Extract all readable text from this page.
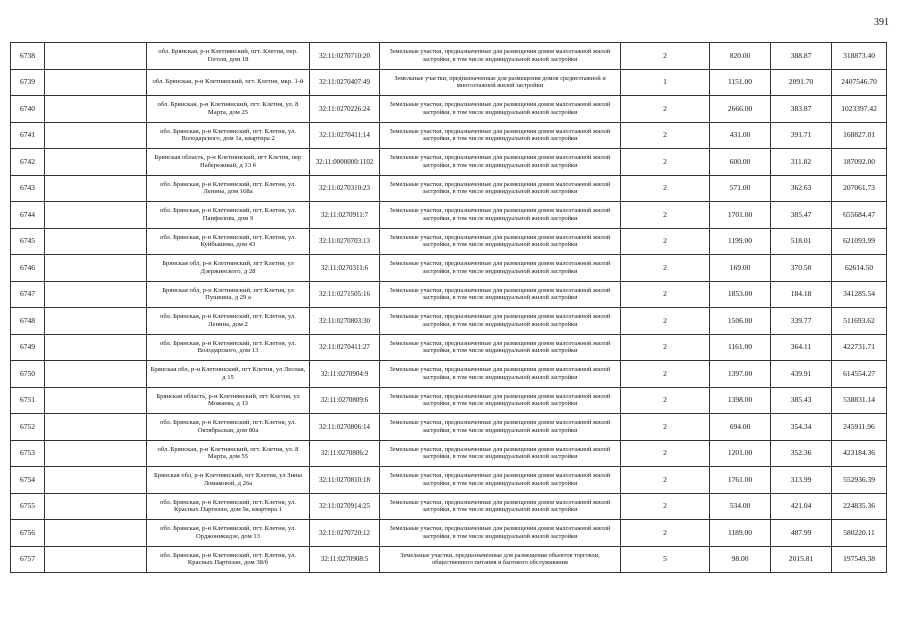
391
6738		обл. Брянская, р-н Клетнянский, пгт. Клетня, пер. Гоголя, дом 18	32:11:0270710:20	Земельные участки, предназначенные для размещения домов малоэтажной жилой застройки, в том числе индивидуальной жилой застройки	2	820.00	388.87	318873.40
6739		обл. Брянская, р-н Клетнянский, пгт. Клетня, мкр. 1-й	32:11:0270407:49	Земельные участки, предназначенные для размещения домов среднеэтажной и многоэтажной жилой застройки	1	1151.00	2091.70	2407546.70
6740		обл. Брянская, р-н Клетнянский, пгт. Клетня, ул. 8 Марта, дом 25	32:11:0270226:24	Земельные участки, предназначенные для размещения домов малоэтажной жилой застройки, в том числе индивидуальной жилой застройки	2	2666.00	383.87	1023397.42
6741		обл. Брянская, р-н Клетнянский, пгт. Клетня, ул. Володарского, дом 1а, квартира 2	32:11:0270411:14	Земельные участки, предназначенные для размещения домов малоэтажной жилой застройки, в том числе индивидуальной жилой застройки	2	431.00	391.71	168827.01
6742		Брянская область, р-н Клетнянский, пгт Клетня, пер Набережный, д 13 б	32:11:0000000:1102	Земельные участки, предназначенные для размещения домов малоэтажной жилой застройки, в том числе индивидуальной жилой застройки	2	600.00	311.82	187092.00
6743		обл. Брянская, р-н Клетнянский, пгт. Клетня, ул. Ленина, дом 168а	32:11:0270310:23	Земельные участки, предназначенные для размещения домов малоэтажной жилой застройки, в том числе индивидуальной жилой застройки	2	571.00	362.63	207061.73
6744		обл. Брянская, р-н Клетнянский, пгт. Клетня, ул. Панфилова, дом 9	32:11:0270911:7	Земельные участки, предназначенные для размещения домов малоэтажной жилой застройки, в том числе индивидуальной жилой застройки	2	1701.00	385.47	655684.47
6745		обл. Брянская, р-н Клетнянский, пгт. Клетня, ул. Куйбышева, дом 43	32:11:0270703:13	Земельные участки, предназначенные для размещения домов малоэтажной жилой застройки, в том числе индивидуальной жилой застройки	2	1199.00	518.01	621093.99
6746		Брянская обл, р-н Клетнянский, пгт Клетня, ул Дзержинского, д 28	32:11:0270311:6	Земельные участки, предназначенные для размещения домов малоэтажной жилой застройки, в том числе индивидуальной жилой застройки	2	169.00	370.50	62614.50
6747		Брянская обл, р-н Клетнянский, пгт Клетня, ул Пушкина, д 29 а	32:11:0271505:16	Земельные участки, предназначенные для размещения домов малоэтажной жилой застройки, в том числе индивидуальной жилой застройки	2	1853.00	184.18	341285.54
6748		обл. Брянская, р-н Клетнянский, пгт. Клетня, ул. Ленина, дом 2	32:11:0270803:30	Земельные участки, предназначенные для размещения домов малоэтажной жилой застройки, в том числе индивидуальной жилой застройки	2	1506.00	339.77	511693.62
6749		обл. Брянская, р-н Клетнянский, пгт. Клетня, ул. Володарского, дом 13	32:11:0270411:27	Земельные участки, предназначенные для размещения домов малоэтажной жилой застройки, в том числе индивидуальной жилой застройки	2	1161.00	364.11	422731.71
6750		Брянская обл, р-н Клетнянский, пгт Клетня, ул Лесная, д 15	32:11:0270904:9	Земельные участки, предназначенные для размещения домов малоэтажной жилой застройки, в том числе индивидуальной жилой застройки	2	1397.00	439.91	614554.27
6751		Брянская область, р-н Клетнянский, пгт Клетня, ул Можаева, д 13	32:11:0270809:6	Земельные участки, предназначенные для размещения домов малоэтажной жилой застройки, в том числе индивидуальной жилой застройки	2	1398.00	385.43	538831.14
6752		обл. Брянская, р-н Клетнянский, пгт. Клетня, ул. Октябрьская, дом 80а	32:11:0270806:14	Земельные участки, предназначенные для размещения домов малоэтажной жилой застройки, в том числе индивидуальной жилой застройки	2	694.00	354.34	245911.96
6753		обл. Брянская, р-н Клетнянский, пгт. Клетня, ул. 8 Марта, дом 55	32:11:0270806:2	Земельные участки, предназначенные для размещения домов малоэтажной жилой застройки, в том числе индивидуальной жилой застройки	2	1201.00	352.36	423184.36
6754		Брянская обл, р-н Клетнянский, пгт Клетня, ул Зины Ломаковой, д 26а	32:11:0270810:18	Земельные участки, предназначенные для размещения домов малоэтажной жилой застройки, в том числе индивидуальной жилой застройки	2	1761.00	313.99	552936.39
6755		обл. Брянская, р-н Клетнянский, пгт. Клетня, ул. Красных Партизан, дом 9а, квартира 1	32:11:0270914:25	Земельные участки, предназначенные для размещения домов малоэтажной жилой застройки, в том числе индивидуальной жилой застройки	2	534.00	421.04	224835.36
6756		обл. Брянская, р-н Клетнянский, пгт. Клетня, ул. Орджоникидзе, дом 13	32:11:0270720:12	Земельные участки, предназначенные для размещения домов малоэтажной жилой застройки, в том числе индивидуальной жилой застройки	2	1189.00	487.99	580220.11
6757		обл. Брянская, р-н Клетнянский, пгт. Клетня, ул. Красных Партизан, дом 38/б	32:11:0270908:5	Земельные участки, предназначенные для размещения объектов торговли, общественного питания и бытового обслуживания	5	98.00	2015.81	197549.38
